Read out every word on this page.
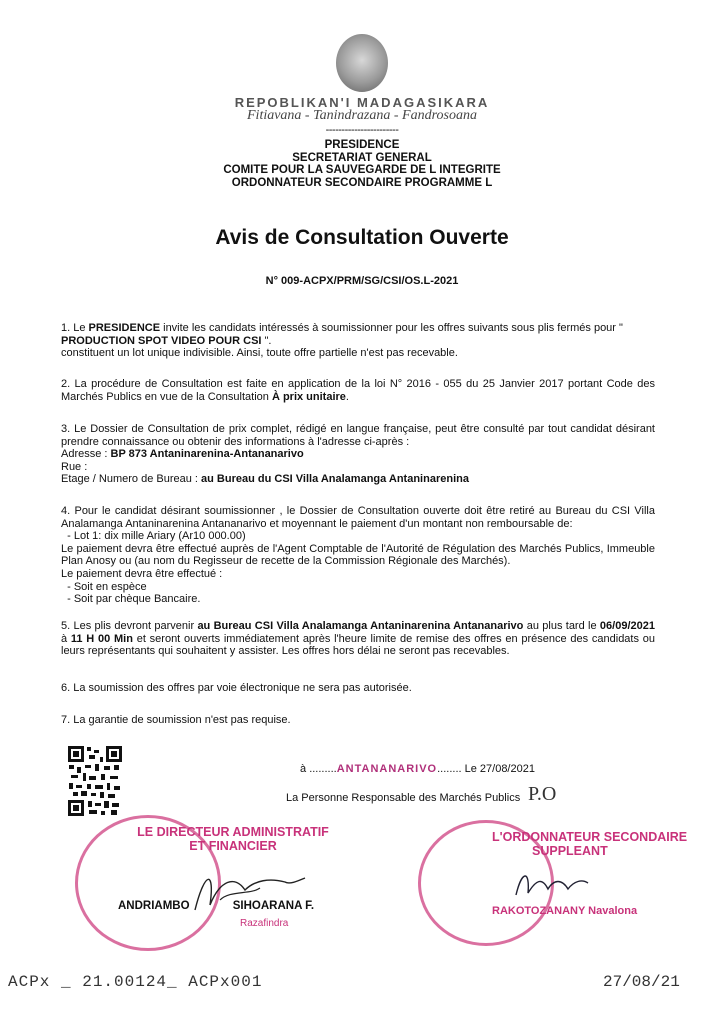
REPOBLIKAN'I MADAGASIKARA
Fitiavana - Tanindrazana - Fandrosoana
-----------------------
PRESIDENCE
SECRETARIAT GENERAL
COMITE POUR LA SAUVEGARDE DE L INTEGRITE
ORDONNATEUR SECONDAIRE PROGRAMME L
Avis de Consultation Ouverte
N° 009-ACPX/PRM/SG/CSI/OS.L-2021

1. Le PRESIDENCE invite les candidats intéressés à soumissionner pour les offres suivants sous plis fermés pour "

PRODUCTION SPOT VIDEO POUR CSI ".

constituent un lot unique indivisible. Ainsi, toute offre partielle n'est pas recevable.

2. La procédure de Consultation est faite en application de la loi N° 2016 - 055 du 25 Janvier 2017 portant Code des Marchés Publics en vue de la Consultation À prix unitaire.

3. Le Dossier de Consultation de prix complet, rédigé en langue française, peut être consulté par tout candidat désirant prendre connaissance ou obtenir des informations à l'adresse ci-après :

Adresse : BP 873 Antaninarenina-Antananarivo

Rue :

Etage / Numero de Bureau : au Bureau du CSI Villa Analamanga Antaninarenina

4. Pour le candidat désirant soumissionner , le Dossier de Consultation ouverte doit être retiré au Bureau du CSI Villa Analamanga Antaninarenina Antananarivo et moyennant le paiement d'un montant non remboursable de:

- Lot 1: dix mille Ariary (Ar10 000.00)

Le paiement devra être effectué auprès de l'Agent Comptable de l'Autorité de Régulation des Marchés Publics, Immeuble Plan Anosy ou (au nom du Regisseur de recette de la Commission Régionale des Marchés).

Le paiement devra être effectué :

- Soit en espèce

- Soit par chèque Bancaire.

5. Les plis devront parvenir au Bureau CSI Villa Analamanga Antaninarenina Antananarivo au plus tard le 06/09/2021 à 11 H 00 Min et seront ouverts immédiatement après l'heure limite de remise des offres en présence des candidats ou leurs représentants qui souhaitent y assister. Les offres hors délai ne seront pas recevables.

6. La soumission des offres par voie électronique ne sera pas autorisée.
7. La garantie de soumission n'est pas requise.
à .........ANTANANARIVO........ Le 27/08/2021
La Personne Responsable des Marchés Publics P.O
LE DIRECTEUR ADMINISTRATIF
ET FINANCIER
ANDRIAMBO	SIHOARANA F.
Razafindra
L'ORDONNATEUR SECONDAIRE
SUPPLEANT
RAKOTOZANANY Navalona
ACPx _ 21.00124_ ACPx001	27/08/21
